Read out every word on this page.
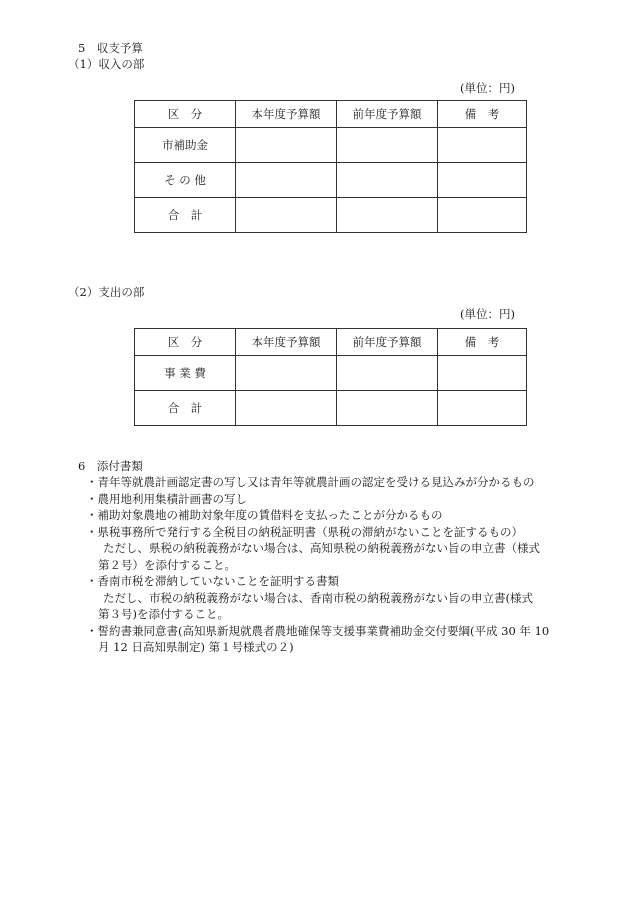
5　収支予算
（1）収入の部
(単位：円)
区　分	本年度予算額	前年度予算額	備　考
市補助金			
そ の 他			
合　計			
（2）支出の部
(単位：円)
区　分	本年度予算額	前年度予算額	備　考
事 業 費			
合　計			
6　添付書類
・青年等就農計画認定書の写し又は青年等就農計画の認定を受ける見込みが分かるもの
・農用地利用集積計画書の写し
・補助対象農地の補助対象年度の賃借料を支払ったことが分かるもの
・県税事務所で発行する全税目の納税証明書（県税の滞納がないことを証するもの）
ただし、県税の納税義務がない場合は、高知県税の納税義務がない旨の申立書（様式
第２号）を添付すること。
・香南市税を滞納していないことを証明する書類
ただし、市税の納税義務がない場合は、香南市税の納税義務がない旨の申立書(様式
第３号)を添付すること。
・誓約書兼同意書(高知県新規就農者農地確保等支援事業費補助金交付要綱(平成 30 年 10
月 12 日高知県制定) 第１号様式の２)
